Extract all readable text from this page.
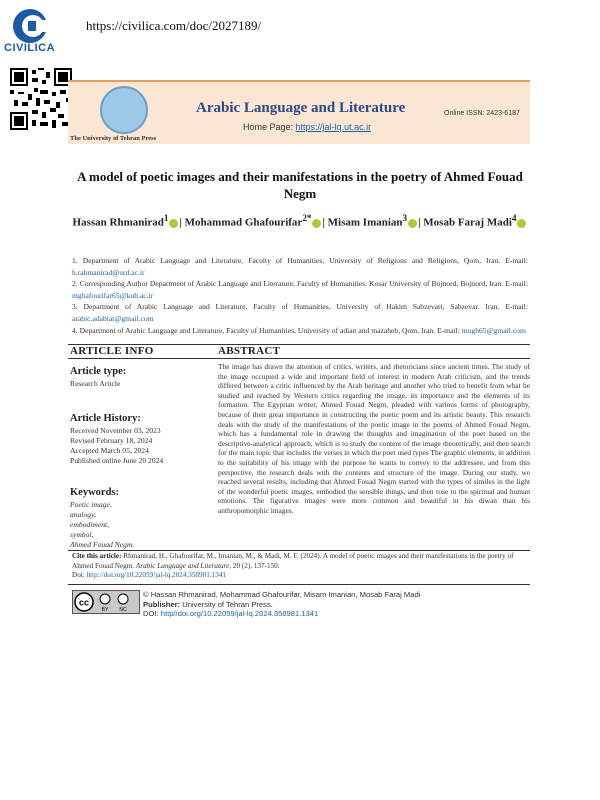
CIVILICA
https://civilica.com/doc/2027189/
The University of Tehran Press
Arabic Language and Literature
Home Page: https://jal-lq.ut.ac.ir
Online ISSN: 2423-6187
A model of poetic images and their manifestations in the poetry of Ahmed Fouad Negm
Hassan Rhmanirad$^1$ | Mohammad Ghafourifar$^{2*}$ | Misam Imanian$^3$ | Mosab Faraj Madi$^4$

1. Department of Arabic Language and Literature, Faculty of Humanities, University of Religions and Religions, Qom, Iran. E-mail: h.rahmanirad@urd.ac.ir

2. Corresponding Author Department of Arabic Language and Literature, Faculty of Humanities. Kosar University of Bojnord, Bojnord, Iran. E-mail: mghafourifar65@kub.ac.ir

3. Department of Arabic Language and Literature, Faculty of Humanities, University of Hakim Sabzevari, Sabzevar. Iran. E-mail: arabic.adabiat@gmail.com

4. Department of Arabic Language and Literature, Faculty of Humanities, University of adian and mazaheb, Qom, Iran. E-mail: mugh65@gmail.com

ARTICLE INFO	ABSTRACT
Article type:
Research Article
Article History:
Received November 03, 2023
Revised February 18, 2024
Accepted March 05, 2024
Published online June 20 2024
Keywords:
Poetic image,
analogy,
embodiment,
symbol,
Ahmed Fouad Negm.
The image has drawn the attention of critics, writers, and rhetoricians since ancient times. The study of the image occupied a wide and important field of interest in modern Arab criticism, and the trends differed between a critic influenced by the Arab heritage and another who tried to benefit from what he studied and reached by Western critics regarding the image, its importance and the elements of its formation. The Egyptian writer, Ahmed Fouad Negm, pleaded with various forms of photography, because of their great importance in constructing the poetic poem and its artistic beauty. This research deals with the study of the manifestations of the poetic image in the poems of Ahmed Fouad Negm, which has a fundamental role in drawing the thoughts and imagination of the poet based on the descriptive-analytical approach, which is to study the content of the image theoretically, and then search for the main topic that includes the verses in which the poet used types The graphic elements, in addition to the suitability of his image with the purpose he wants to convey to the addressee, and from this perspective, the research deals with the contents and structure of the image. During our study, we reached several results, including that Ahmed Fouad Negm started with the types of similes in the light of the wonderful poetic images, embodied the sensible things, and then rose to the spiritual and human emotions. The figurative images were more common and beautiful in his diwan than his anthropomorphic images.
Cite this article: Rhmanirad, H., Ghafourifar, M., Imanian, M., & Madi, M. F. (2024). A model of poetic images and their manifestations in the poetry of Ahmed Fouad Negm. Arabic Language and Literature, 20 (2), 137-150.
Doi: http://doi.org/10.22059/jal-lq.2024.358981.1341
cc
BY NC
© Hassan Rhmanirad, Mohammad Ghafourifar, Misam Imanian, Mosab Faraj Madi
Publisher: University of Tehran Press.
DOI: http//doi.org/10.22059/jal-lq.2024.358981.1341
